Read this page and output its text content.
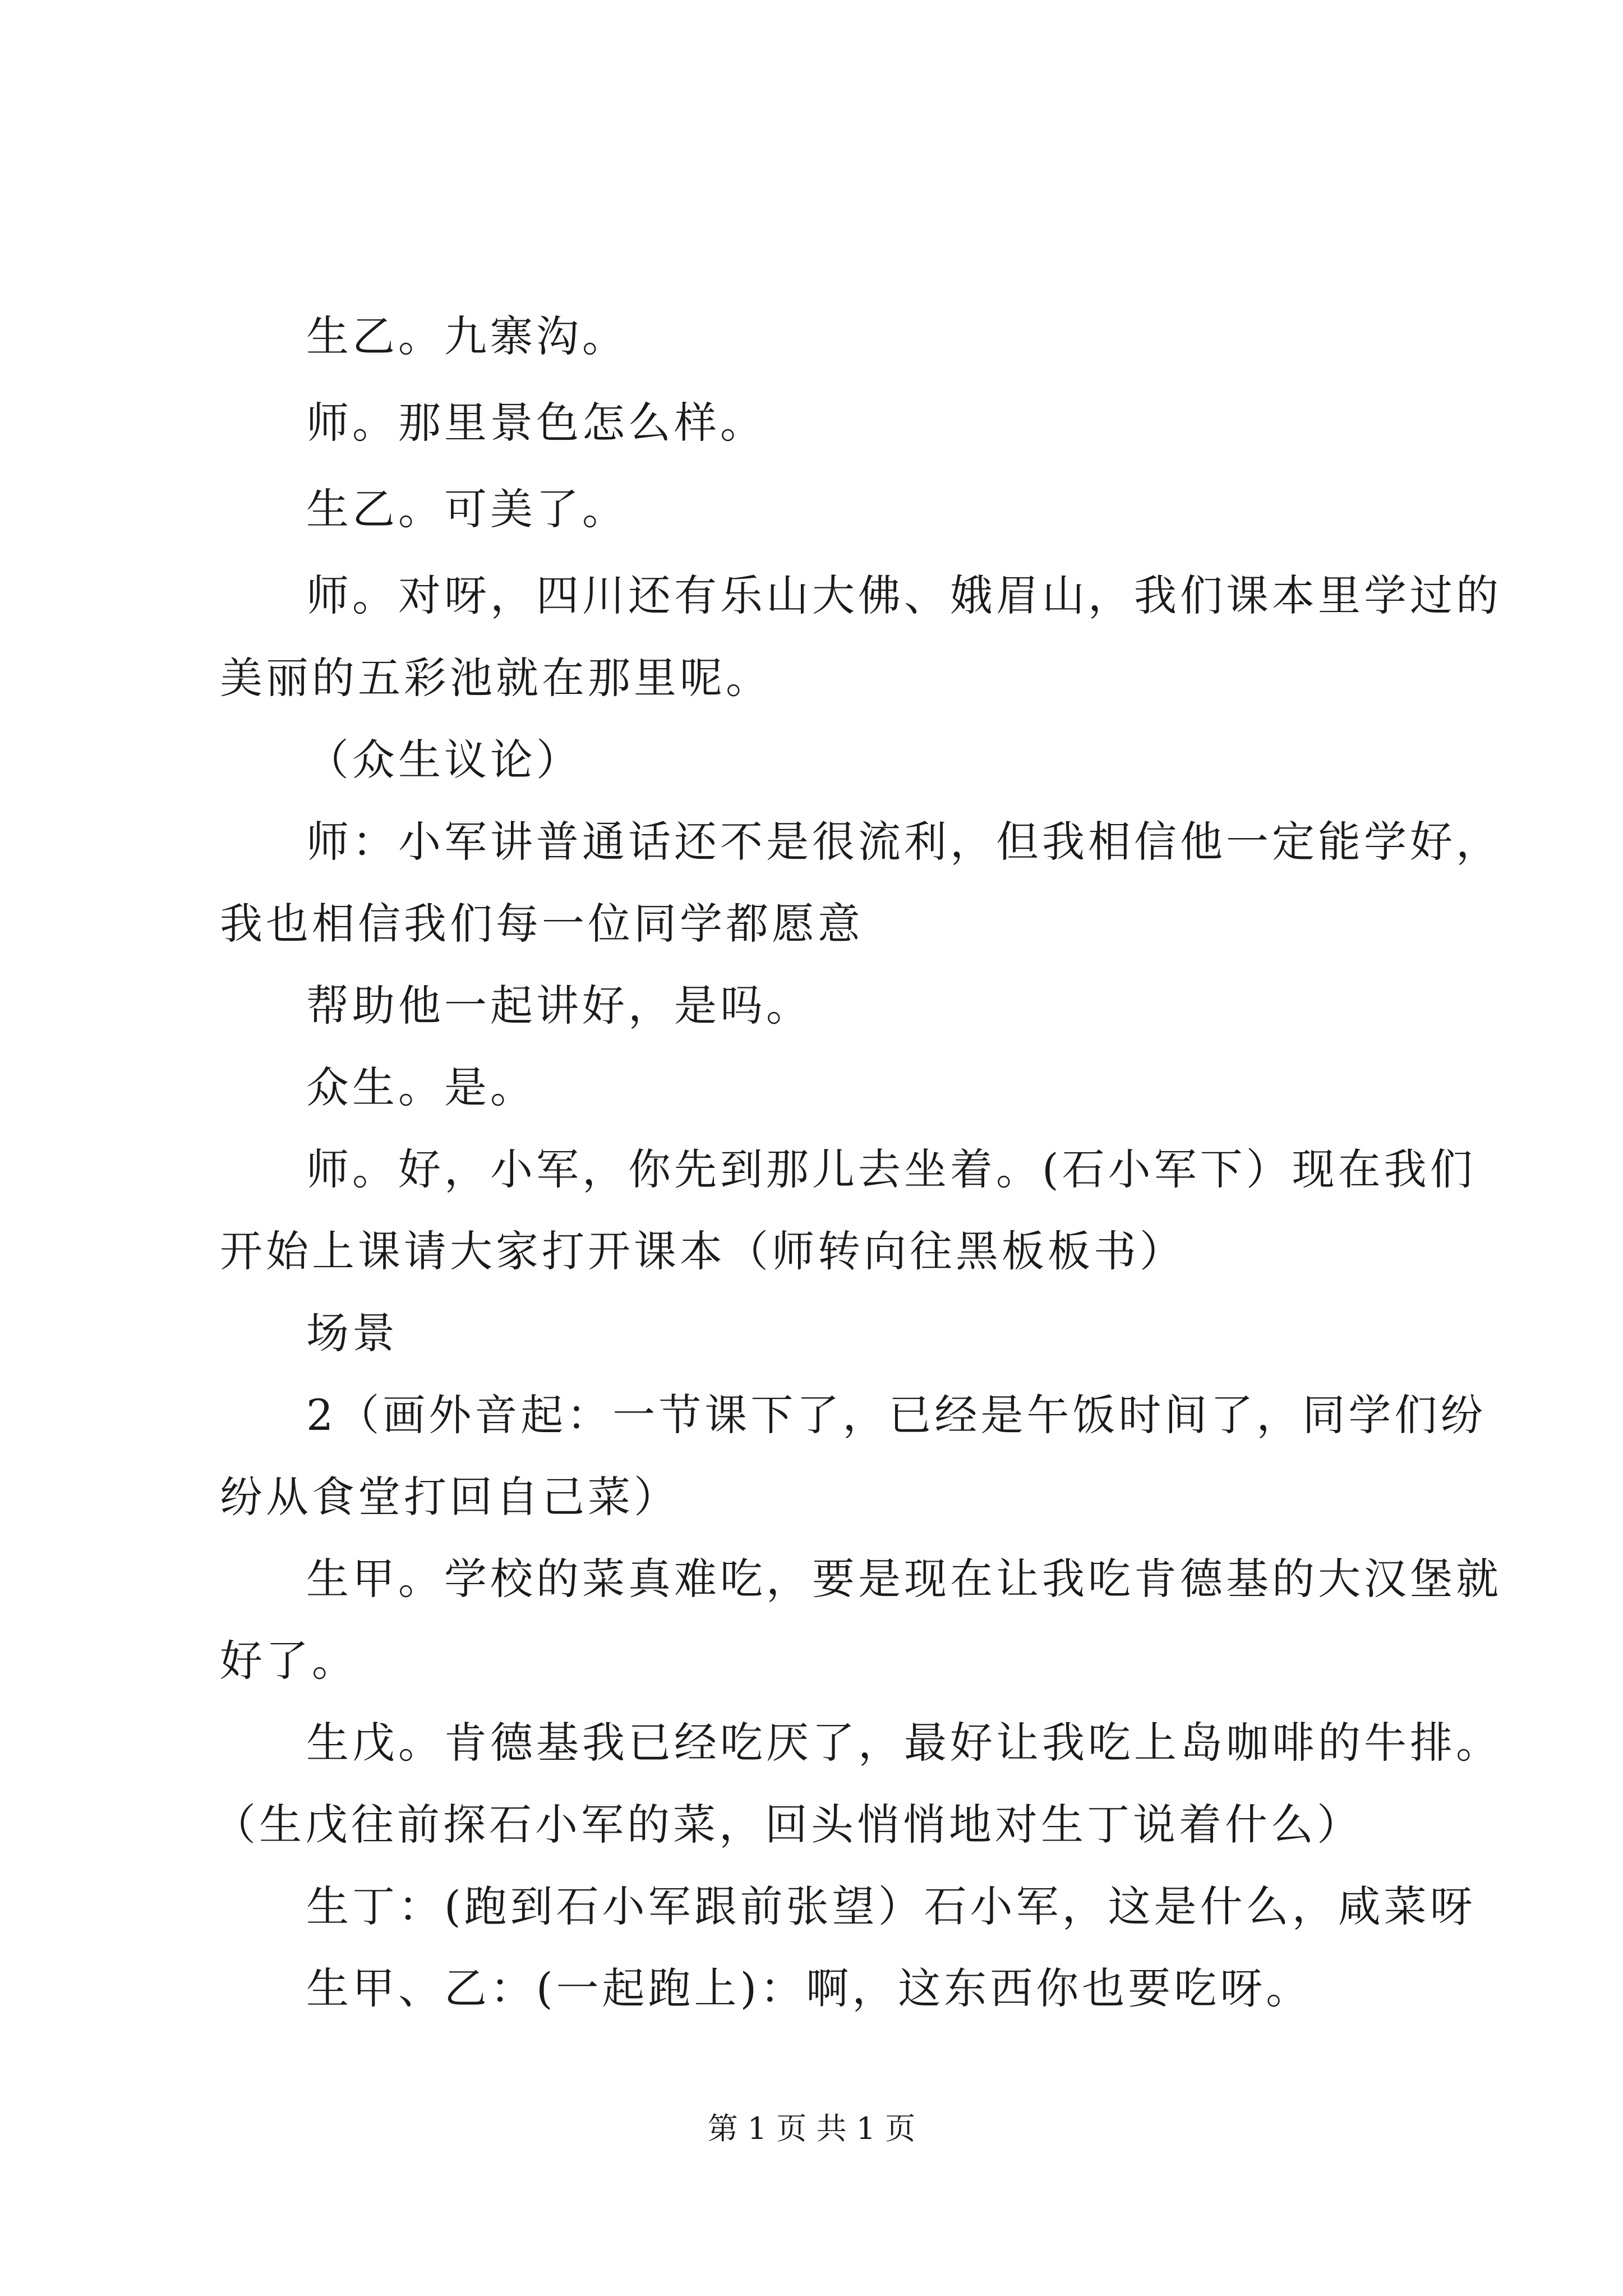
生乙。九寨沟。
师。那里景色怎么样。
生乙。可美了。
师。对呀，四川还有乐山大佛、娥眉山，我们课本里学过的
美丽的五彩池就在那里呢。
（众生议论）
师：小军讲普通话还不是很流利，但我相信他一定能学好，
我也相信我们每一位同学都愿意
帮助他一起讲好，是吗。
众生。是。
师。好，小军，你先到那儿去坐着。(石小军下）现在我们
开始上课请大家打开课本（师转向往黑板板书）
场景
2（画外音起：一节课下了，已经是午饭时间了，同学们纷
纷从食堂打回自己菜）
生甲。学校的菜真难吃，要是现在让我吃肯德基的大汉堡就
好了。
生戊。肯德基我已经吃厌了，最好让我吃上岛咖啡的牛排。
（生戊往前探石小军的菜，回头悄悄地对生丁说着什么）
生丁：(跑到石小军跟前张望）石小军，这是什么，咸菜呀
生甲、乙：(一起跑上)：啊，这东西你也要吃呀。
第 1 页 共 1 页
